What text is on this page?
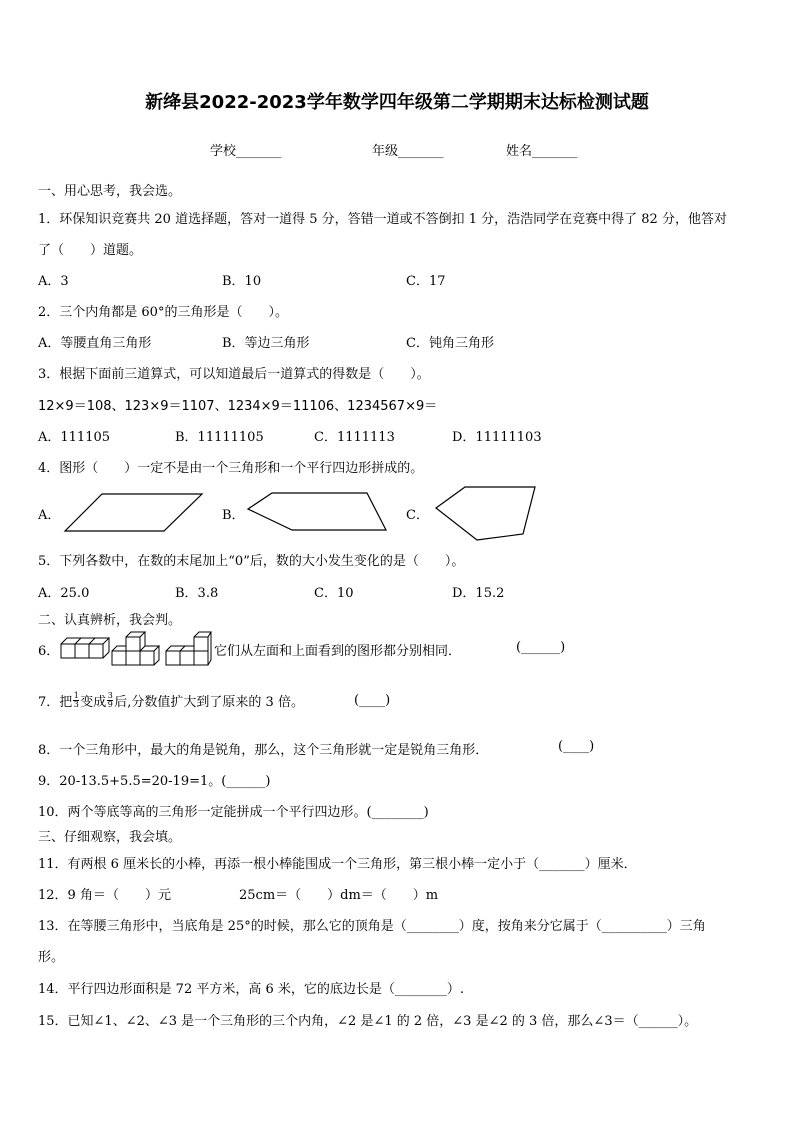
新绛县2022-2023学年数学四年级第二学期期末达标检测试题
学校_______	年级_______	姓名_______
一、用心思考，我会选。
1．环保知识竞赛共 20 道选择题，答对一道得 5 分，答错一道或不答倒扣 1 分，浩浩同学在竞赛中得了 82 分，他答对
了（　　）道题。
A．3	B．10	C．17
2．三个内角都是 60°的三角形是（　　）。
A．等腰直角三角形	B．等边三角形	C．钝角三角形
3．根据下面前三道算式，可以知道最后一道算式的得数是（　　）。
12×9＝108、123×9＝1107、1234×9＝11106、1234567×9＝
A．111105	B．11111105	C．1111113	D．11111103
4．图形（　　）一定不是由一个三角形和一个平行四边形拼成的。
A．	B．	C．
5．下列各数中，在数的末尾加上“0”后，数的大小发生变化的是（　　）。
A．25.0	B．3.8	C．10	D．15.2
二、认真辨析，我会判。
6．	它们从左面和上面看到的图形都分别相同．	(______)
7．把 1
3 变成 3
9 后,分数值扩大到了原来的 3 倍。	(____)
8．一个三角形中，最大的角是锐角，那么，这个三角形就一定是锐角三角形．	(____)
9．20-13.5+5.5=20-19=1。(______)
10．两个等底等高的三角形一定能拼成一个平行四边形。(________)
三、仔细观察，我会填。
11．有两根 6 厘米长的小棒，再添一根小棒能围成一个三角形，第三根小棒一定小于（_______）厘米．
12．9 角＝（　　）元	25cm＝（　　）dm＝（　　）m
13．在等腰三角形中，当底角是 25°的时候，那么它的顶角是（________）度，按角来分它属于（__________）三角
形。
14．平行四边形面积是 72 平方米，高 6 米，它的底边长是（________）.
15．已知∠1、∠2、∠3 是一个三角形的三个内角，∠2 是∠1 的 2 倍，∠3 是∠2 的 3 倍，那么∠3＝（______）。
